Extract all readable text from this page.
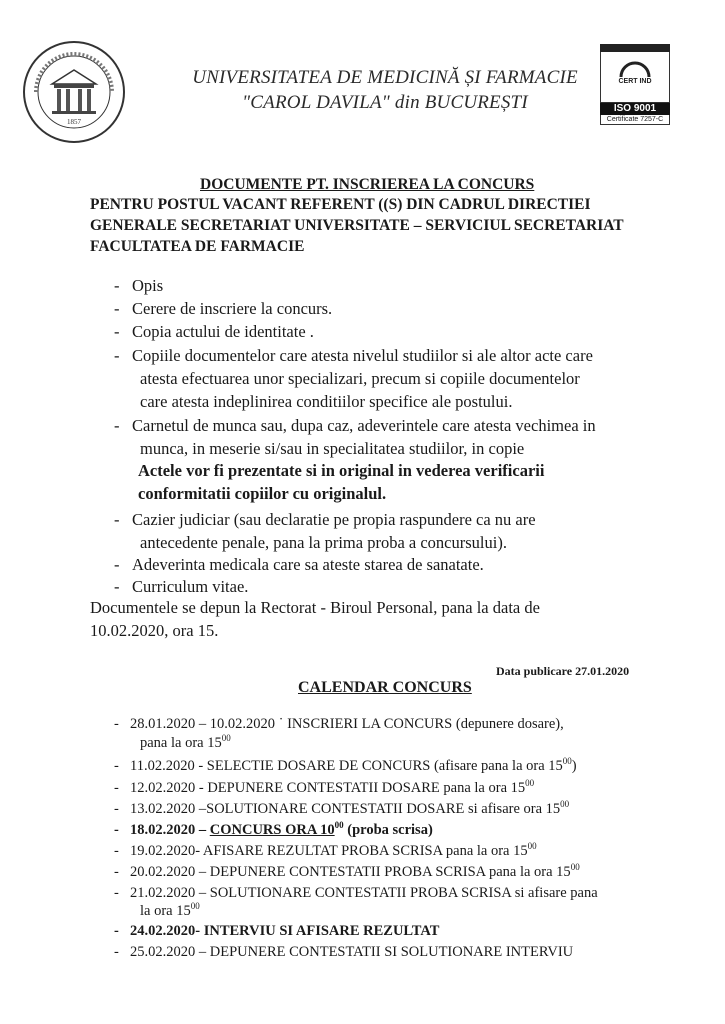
1857
UNIVERSITATEA DE MEDICINĂ ȘI FARMACIE
"CAROL DAVILA" din BUCUREȘTI
CERT IND
ISO 9001
Certificate 7257-C
DOCUMENTE PT. INSCRIEREA LA CONCURS
PENTRU POSTUL VACANT REFERENT ((S) DIN CADRUL DIRECTIEI
GENERALE SECRETARIAT UNIVERSITATE – SERVICIUL SECRETARIAT
FACULTATEA DE FARMACIE
- Opis
- Cerere de inscriere la concurs.
- Copia actului de identitate .
- Copiile documentelor care atesta nivelul studiilor si ale altor acte care
atesta efectuarea unor specializari, precum si copiile documentelor
care atesta indeplinirea conditiilor specifice ale postului.
- Carnetul de munca sau, dupa caz, adeverintele care atesta vechimea in
munca, in meserie si/sau in specialitatea studiilor, in copie
Actele vor fi prezentate si in original in vederea verificarii
conformitatii copiilor cu originalul.
- Cazier judiciar (sau declaratie pe propia raspundere ca nu are
antecedente penale, pana la prima proba a concursului).
- Adeverinta medicala care sa ateste starea de sanatate.
- Curriculum vitae.
Documentele se depun la Rectorat - Biroul Personal, pana la data de
10.02.2020, ora 15.
Data publicare 27.01.2020
CALENDAR CONCURS
- 28.01.2020 – 10.02.2020 ˙ INSCRIERI LA CONCURS (depunere dosare),
pana la ora $15^{00}$
- 11.02.2020 - SELECTIE DOSARE DE CONCURS (afisare pana la ora $15^{00}$)
- 12.02.2020 - DEPUNERE CONTESTATII DOSARE pana la ora $15^{00}$
- 13.02.2020 –SOLUTIONARE CONTESTATII DOSARE si afisare ora $15^{00}$
- 18.02.2020 – CONCURS ORA $10^{00}$ (proba scrisa)
- 19.02.2020- AFISARE REZULTAT PROBA SCRISA pana la ora $15^{00}$
- 20.02.2020 – DEPUNERE CONTESTATII PROBA SCRISA pana la ora $15^{00}$
- 21.02.2020 – SOLUTIONARE CONTESTATII PROBA SCRISA si afisare pana
la ora $15^{00}$
- 24.02.2020- INTERVIU SI AFISARE REZULTAT
- 25.02.2020 – DEPUNERE CONTESTATII SI SOLUTIONARE INTERVIU
